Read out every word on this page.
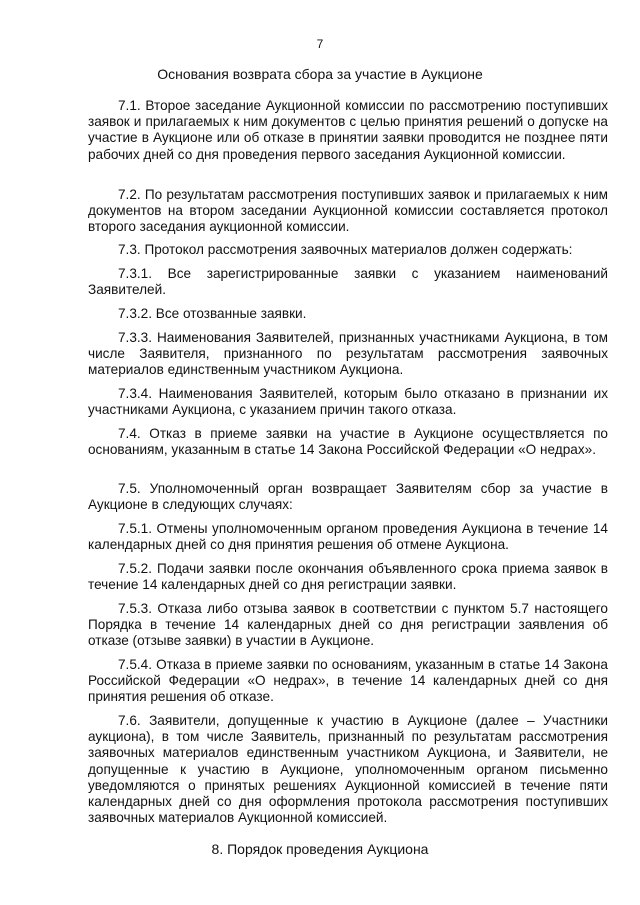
7
Основания возврата сбора за участие в Аукционе

7.1. Второе заседание Аукционной комиссии по рассмотрению поступивших заявок и прилагаемых к ним документов с целью принятия решений о допуске на участие в Аукционе или об отказе в принятии заявки проводится не позднее пяти рабочих дней со дня проведения первого заседания Аукционной комиссии.

7.2. По результатам рассмотрения поступивших заявок и прилагаемых к ним документов на втором заседании Аукционной комиссии составляется протокол второго заседания аукционной комиссии.

7.3. Протокол рассмотрения заявочных материалов должен содержать:

7.3.1. Все зарегистрированные заявки с указанием наименований Заявителей.

7.3.2. Все отозванные заявки.

7.3.3. Наименования Заявителей, признанных участниками Аукциона, в том числе Заявителя, признанного по результатам рассмотрения заявочных материалов единственным участником Аукциона.

7.3.4. Наименования Заявителей, которым было отказано в признании их участниками Аукциона, с указанием причин такого отказа.

7.4. Отказ в приеме заявки на участие в Аукционе осуществляется по основаниям, указанным в статье 14 Закона Российской Федерации «О недрах».

7.5. Уполномоченный орган возвращает Заявителям сбор за участие в Аукционе в следующих случаях:

7.5.1. Отмены уполномоченным органом проведения Аукциона в течение 14 календарных дней со дня принятия решения об отмене Аукциона.

7.5.2. Подачи заявки после окончания объявленного срока приема заявок в течение 14 календарных дней со дня регистрации заявки.

7.5.3. Отказа либо отзыва заявок в соответствии с пунктом 5.7 настоящего Порядка в течение 14 календарных дней со дня регистрации заявления об отказе (отзыве заявки) в участии в Аукционе.

7.5.4. Отказа в приеме заявки по основаниям, указанным в статье 14 Закона Российской Федерации «О недрах», в течение 14 календарных дней со дня принятия решения об отказе.

7.6. Заявители, допущенные к участию в Аукционе (далее – Участники аукциона), в том числе Заявитель, признанный по результатам рассмотрения заявочных материалов единственным участником Аукциона, и Заявители, не допущенные к участию в Аукционе, уполномоченным органом письменно уведомляются о принятых решениях Аукционной комиссией в течение пяти календарных дней со дня оформления протокола рассмотрения поступивших заявочных материалов Аукционной комиссией.

8. Порядок проведения Аукциона
